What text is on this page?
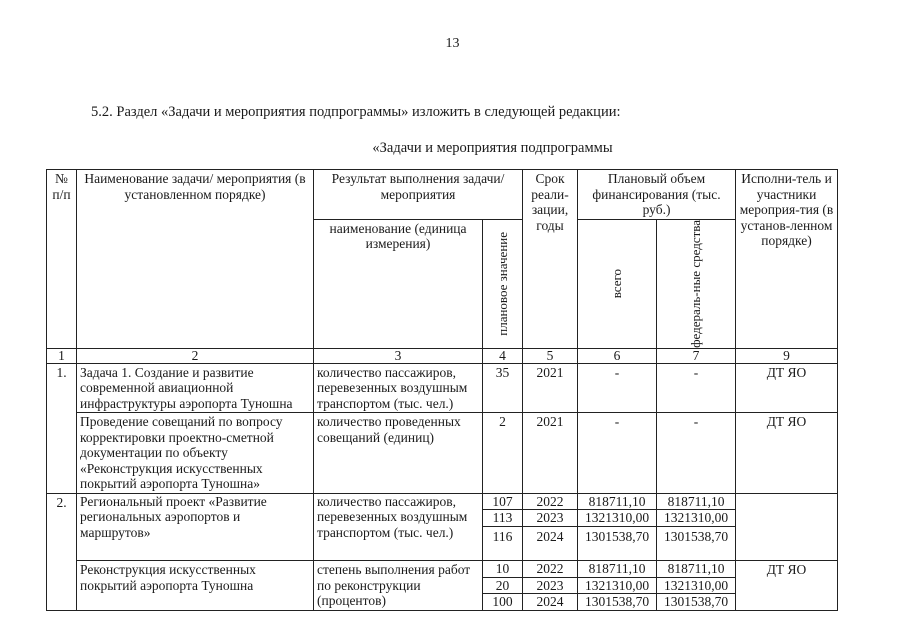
13
5.2. Раздел «Задачи и мероприятия подпрограммы» изложить в следующей редакции:
«Задачи и мероприятия подпрограммы
№ п/п	Наименование задачи/ мероприятия (в установленном порядке)	Результат выполнения задачи/мероприятия		Срок реали-зации, годы	Плановый объем финансирования (тыс. руб.)		Исполни-тель и участники мероприя-тия (в установ-ленном порядке)
		наименование (единица измерения)	плановое значение		всего	федераль-ные средства	

1	2	3	4	5	6	7	9
1.	Задача 1. Создание и развитие современной авиационной инфраструктуры аэропорта Туношна	количество пассажиров, перевезенных воздушным транспортом (тыс. чел.)	35	2021	-	-	ДТ ЯО
	Проведение совещаний по вопросу корректировки проектно-сметной документации по объекту «Реконструкция искусственных покрытий аэропорта Туношна»	количество проведенных совещаний (единиц)	2	2021	-	-	ДТ ЯО
2.	Региональный проект «Развитие региональных аэропортов и маршрутов»	количество пассажиров, перевезенных воздушным транспортом (тыс. чел.)	107	2022	818711,10	818711,10	
			113	2023	1321310,00	1321310,00	
			116	2024	1301538,70	1301538,70	
	Реконструкция искусственных покрытий аэропорта Туношна	степень выполнения работ по реконструкции (процентов)	10	2022	818711,10	818711,10	ДТ ЯО
			20	2023	1321310,00	1321310,00	
			100	2024	1301538,70	1301538,70	
